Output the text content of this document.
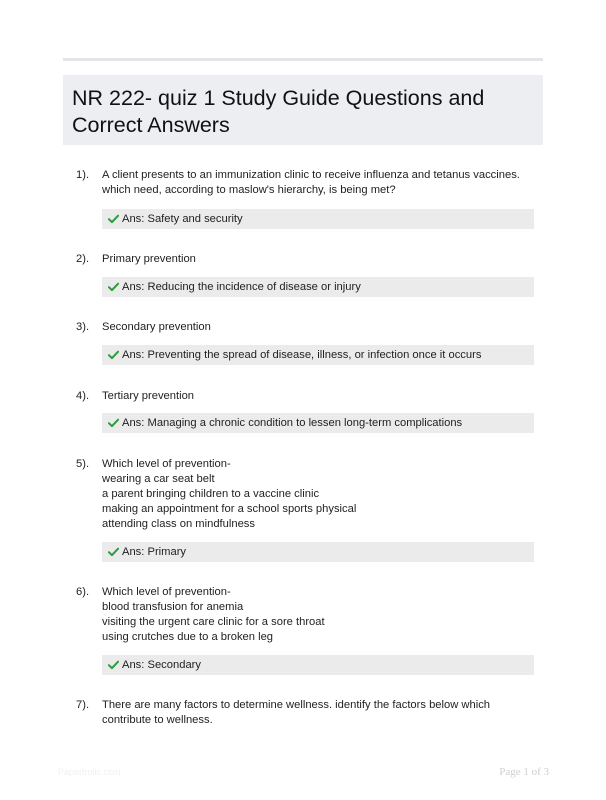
NR 222- quiz 1 Study Guide Questions and Correct Answers
1). A client presents to an immunization clinic to receive influenza and tetanus vaccines. which need, according to maslow's hierarchy, is being met?
Ans: Safety and security
2). Primary prevention
Ans: Reducing the incidence of disease or injury
3). Secondary prevention
Ans: Preventing the spread of disease, illness, or infection once it occurs
4). Tertiary prevention
Ans: Managing a chronic condition to lessen long-term complications
5). Which level of prevention-
wearing a car seat belt
a parent bringing children to a vaccine clinic
making an appointment for a school sports physical
attending class on mindfulness
Ans: Primary
6). Which level of prevention-
blood transfusion for anemia
visiting the urgent care clinic for a sore throat
using crutches due to a broken leg
Ans: Secondary
7). There are many factors to determine wellness. identify the factors below which contribute to wellness.
Papertrolic.com	Page 1 of 3
